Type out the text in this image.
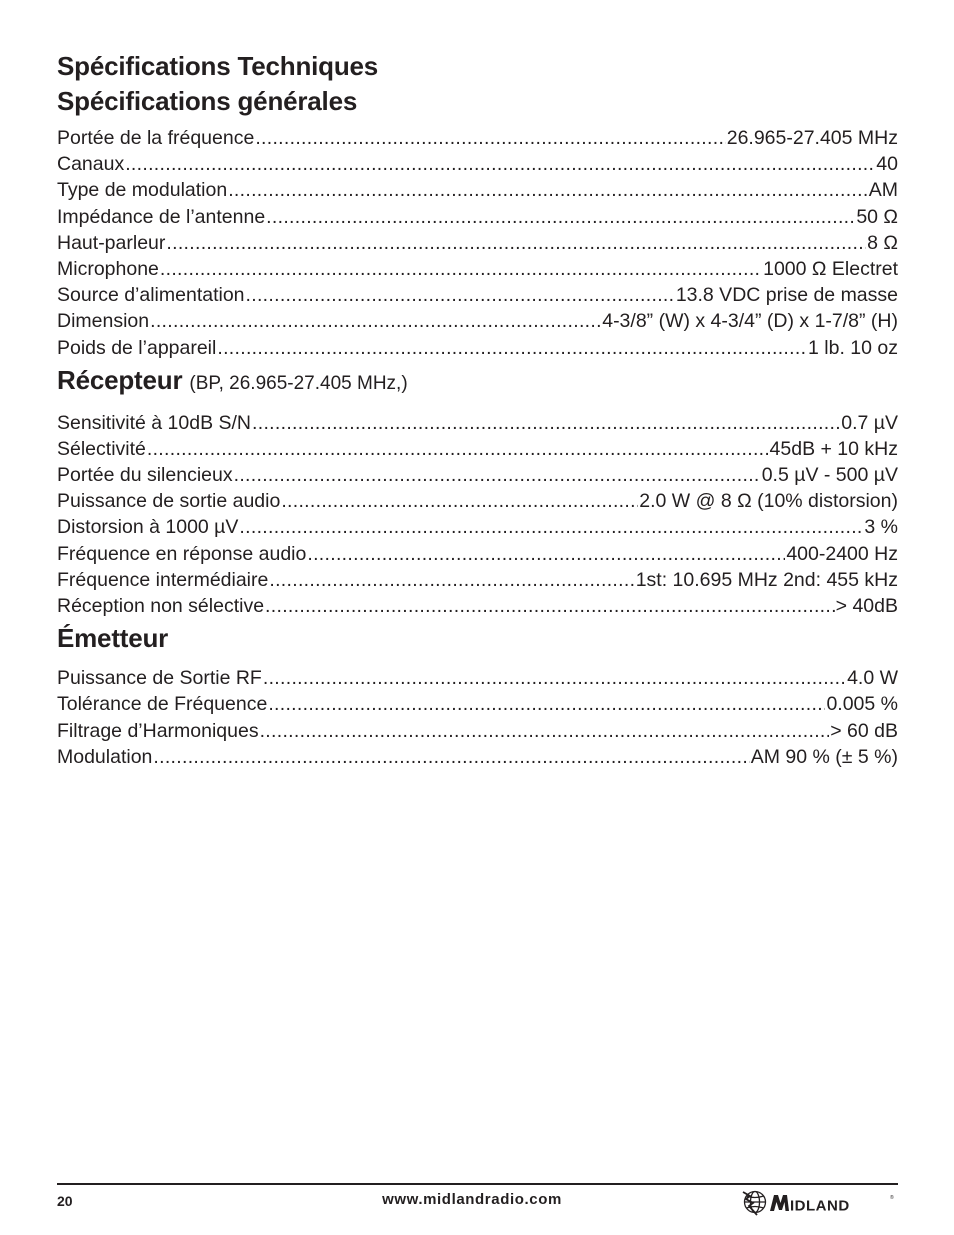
Spécifications Techniques
Spécifications générales
Portée de la fréquence .....	26.965-27.405 MHz
Canaux .....	40
Type de modulation .....	AM
Impédance de l’antenne .....	50 Ω
Haut-parleur .....	8 Ω
Microphone .....	1000 Ω Electret
Source d’alimentation .....	13.8 VDC prise de masse
Dimension .....	4-3/8” (W) x 4-3/4” (D) x 1-7/8” (H)
Poids de l’appareil .....	1 lb. 10 oz
Récepteur (BP, 26.965-27.405 MHz,)
Sensitivité à 10dB S/N .....	0.7 µV
Sélectivité .....	45dB + 10 kHz
Portée du silencieux .....	0.5 µV - 500 µV
Puissance de sortie audio .....	2.0 W @ 8 Ω (10% distorsion)
Distorsion à 1000 µV .....	3 %
Fréquence en réponse audio .....	400-2400 Hz
Fréquence intermédiaire .....	1st: 10.695 MHz 2nd: 455 kHz
Réception non sélective .....	> 40dB
Émetteur
Puissance de Sortie RF .....	4.0 W
Tolérance de Fréquence .....	0.005 %
Filtrage d’Harmoniques .....	> 60 dB
Modulation .....	AM 90 % (± 5 %)
20	www.midlandradio.com	IDLAND	®
